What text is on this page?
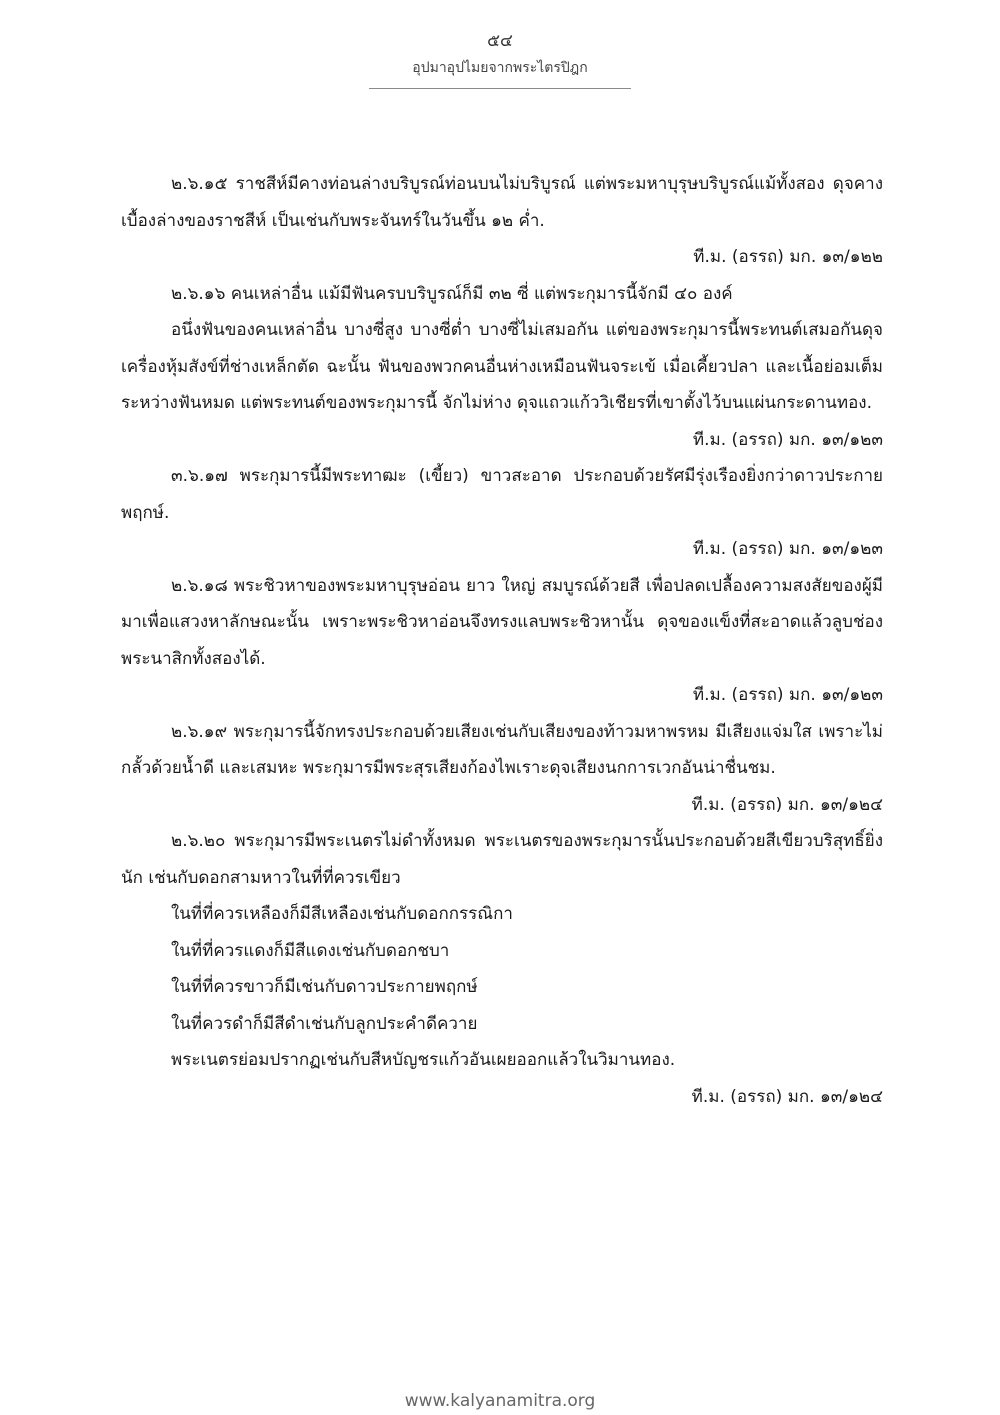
๕๔
อุปมาอุปไมยจากพระไตรปิฎก

๒.๖.๑๕ ราชสีห์มีคางท่อนล่างบริบูรณ์ท่อนบนไม่บริบูรณ์ แต่พระมหาบุรุษบริบูรณ์แม้ทั้งสอง ดุจคางเบื้องล่างของราชสีห์ เป็นเช่นกับพระจันทร์ในวันขึ้น ๑๒ ค่ำ.

ที.ม. (อรรถ) มก. ๑๓/๑๒๒

๒.๖.๑๖ คนเหล่าอื่น แม้มีฟันครบบริบูรณ์ก็มี ๓๒ ซี่ แต่พระกุมารนี้จักมี ๔๐ องค์

อนึ่งฟันของคนเหล่าอื่น บางซี่สูง บางซี่ต่ำ บางซี่ไม่เสมอกัน แต่ของพระกุมารนี้พระทนต์เสมอกันดุจเครื่องหุ้มสังข์ที่ช่างเหล็กตัด ฉะนั้น ฟันของพวกคนอื่นห่างเหมือนฟันจระเข้ เมื่อเคี้ยวปลา และเนื้อย่อมเต็มระหว่างฟันหมด แต่พระทนต์ของพระกุมารนี้ จักไม่ห่าง ดุจแถวแก้ววิเชียรที่เขาตั้งไว้บนแผ่นกระดานทอง.

ที.ม. (อรรถ) มก. ๑๓/๑๒๓

๓.๖.๑๗ พระกุมารนี้มีพระทาฒะ (เขี้ยว) ขาวสะอาด ประกอบด้วยรัศมีรุ่งเรืองยิ่งกว่าดาวประกายพฤกษ์.

ที.ม. (อรรถ) มก. ๑๓/๑๒๓

๒.๖.๑๘ พระชิวหาของพระมหาบุรุษอ่อน ยาว ใหญ่ สมบูรณ์ด้วยสี เพื่อปลดเปลื้องความสงสัยของผู้มีมาเพื่อแสวงหาลักษณะนั้น เพราะพระชิวหาอ่อนจึงทรงแลบพระชิวหานั้น ดุจของแข็งที่สะอาดแล้วลูบช่องพระนาสิกทั้งสองได้.

ที.ม. (อรรถ) มก. ๑๓/๑๒๓

๒.๖.๑๙ พระกุมารนี้จักทรงประกอบด้วยเสียงเช่นกับเสียงของท้าวมหาพรหม มีเสียงแจ่มใส เพราะไม่กลั้วด้วยน้ำดี และเสมหะ พระกุมารมีพระสุรเสียงก้องไพเราะดุจเสียงนกการเวกอันน่าชื่นชม.

ที.ม. (อรรถ) มก. ๑๓/๑๒๔

๒.๖.๒๐ พระกุมารมีพระเนตรไม่ดำทั้งหมด พระเนตรของพระกุมารนั้นประกอบด้วยสีเขียวบริสุทธิ์ยิ่งนัก เช่นกับดอกสามหาวในที่ที่ควรเขียว

ในที่ที่ควรเหลืองก็มีสีเหลืองเช่นกับดอกกรรณิกา

ในที่ที่ควรแดงก็มีสีแดงเช่นกับดอกชบา

ในที่ที่ควรขาวก็มีเช่นกับดาวประกายพฤกษ์

ในที่ควรดำก็มีสีดำเช่นกับลูกประคำดีควาย

พระเนตรย่อมปรากฏเช่นกับสีหบัญชรแก้วอันเผยออกแล้วในวิมานทอง.

ที.ม. (อรรถ) มก. ๑๓/๑๒๔

www.kalyanamitra.org
